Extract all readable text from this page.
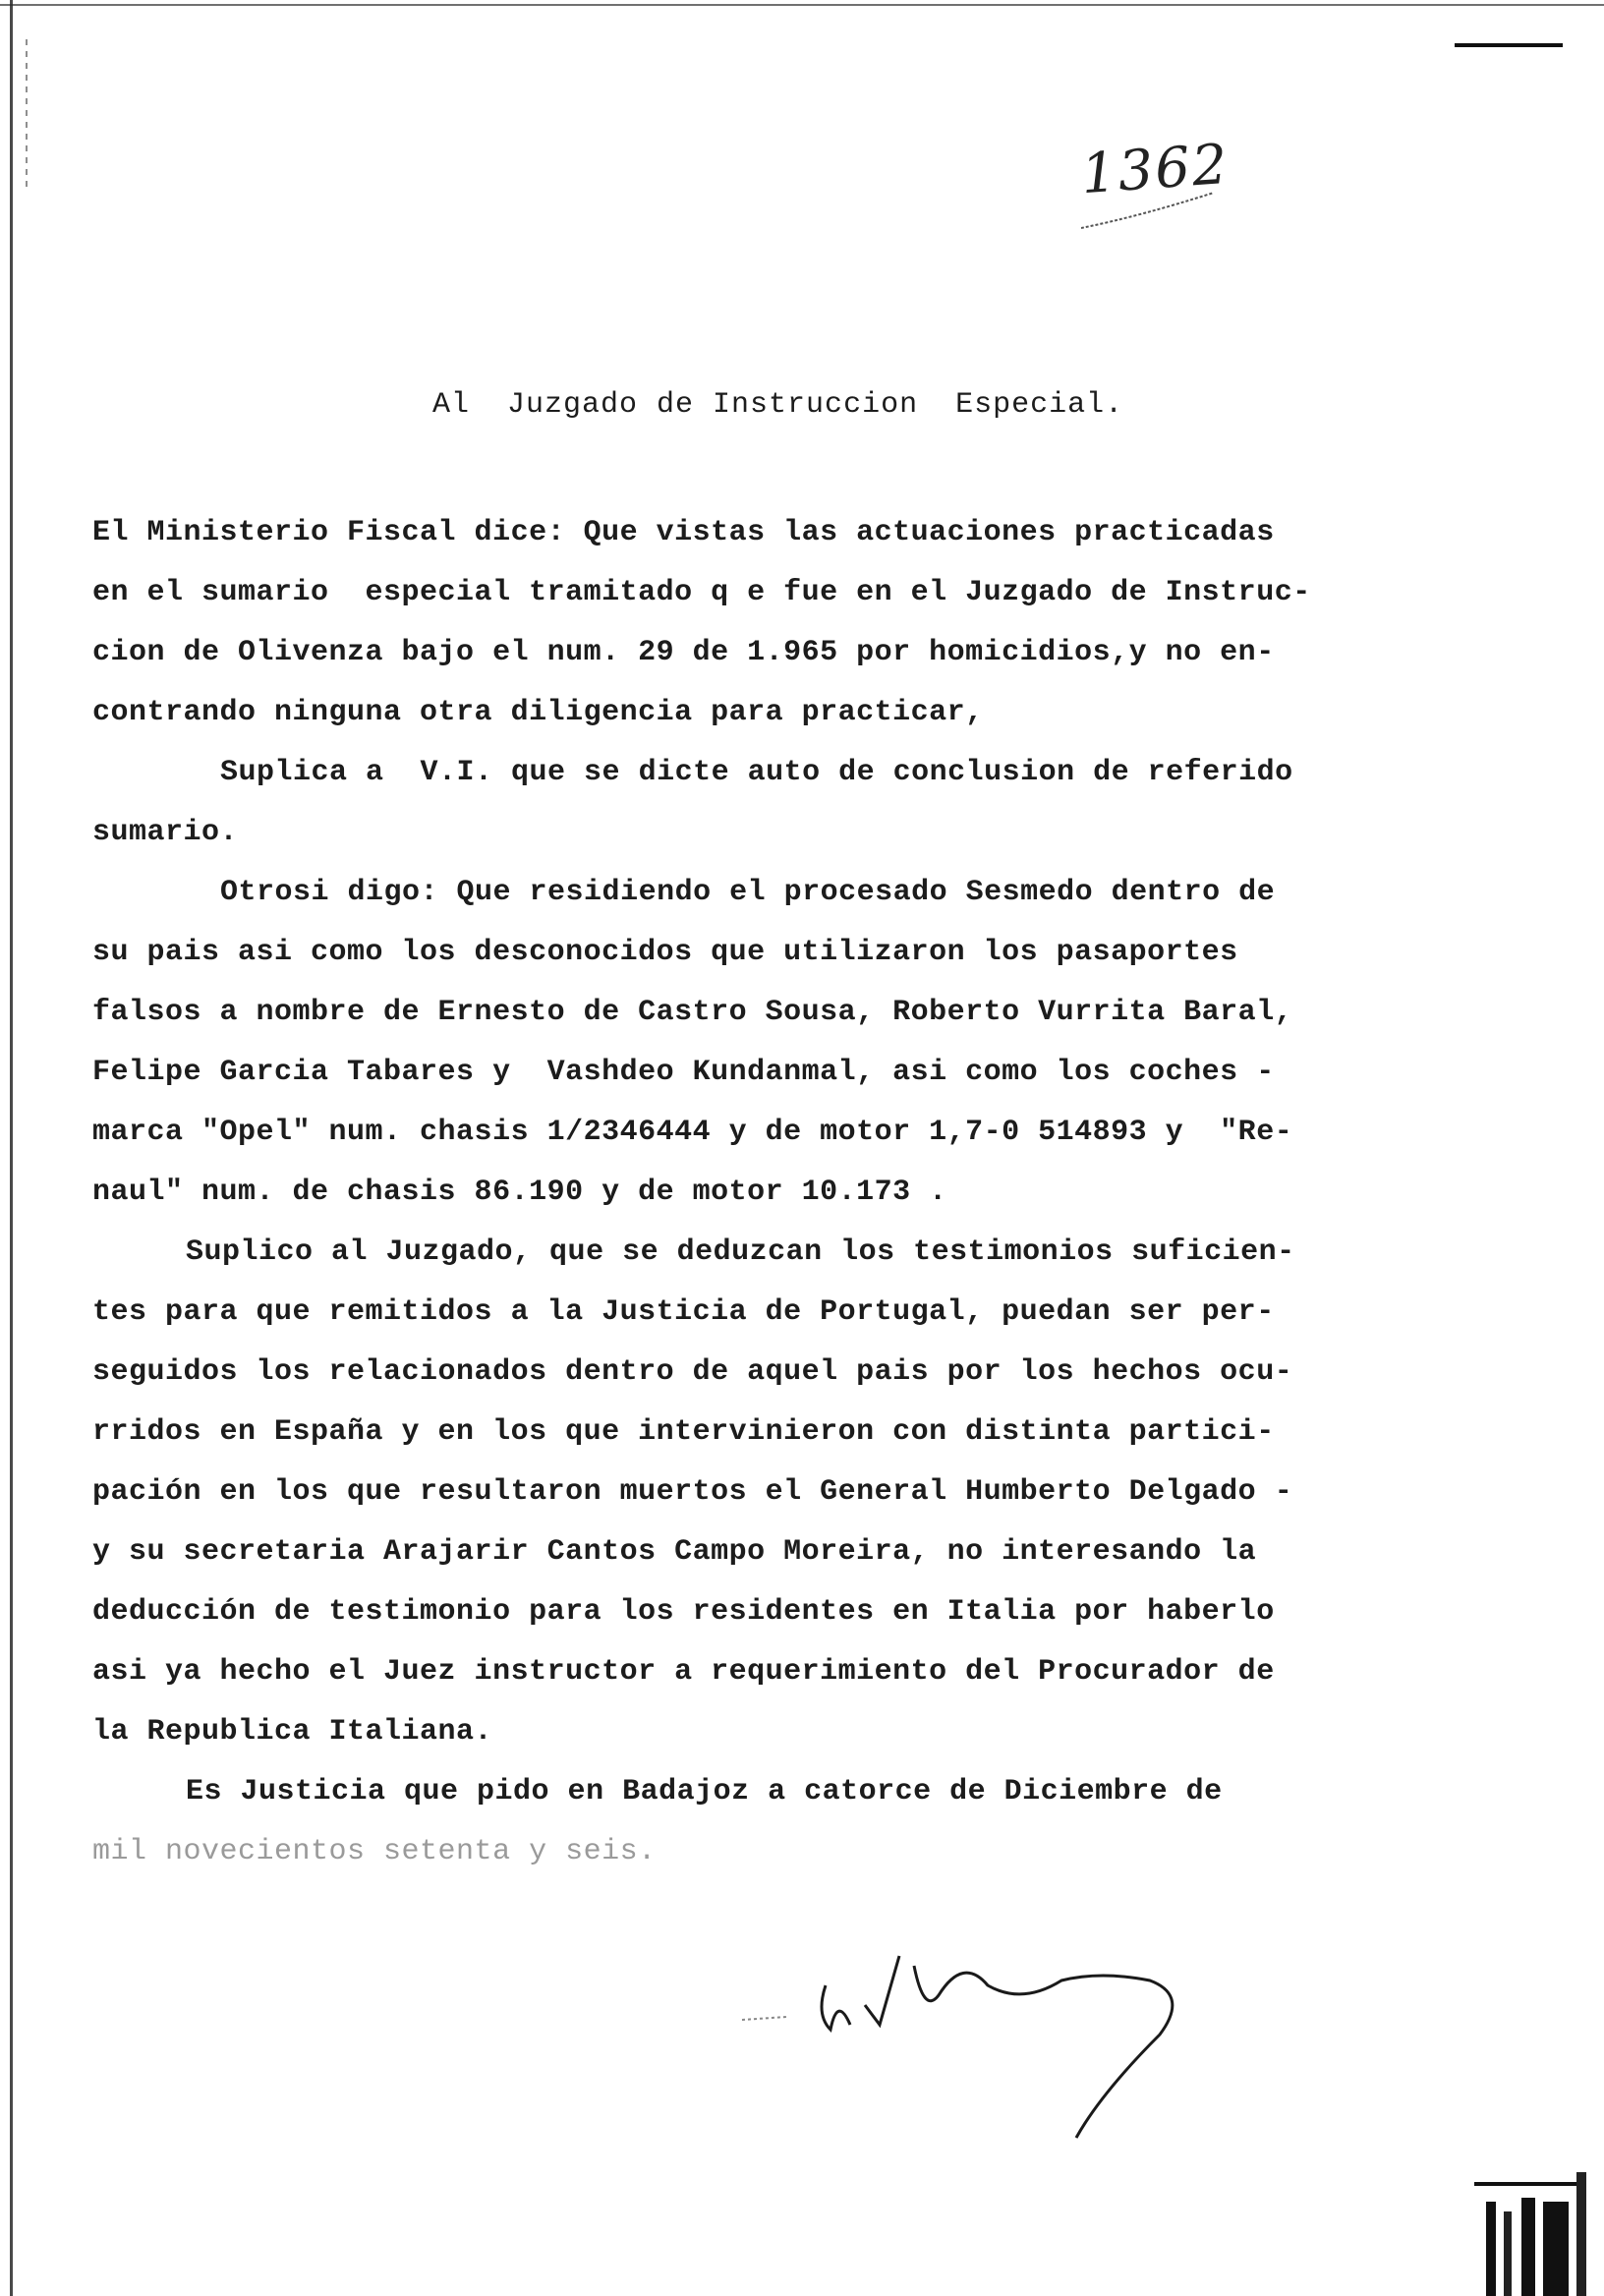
1362
Al  Juzgado de Instruccion  Especial.
El Ministerio Fiscal dice: Que vistas las actuaciones practicadas
en el sumario  especial tramitado q e fue en el Juzgado de Instruc-
cion de Olivenza bajo el num. 29 de 1.965 por homicidios,y no en-
contrando ninguna otra diligencia para practicar,
Suplica a  V.I. que se dicte auto de conclusion de referido
sumario.
Otrosi digo: Que residiendo el procesado Sesmedo dentro de
su pais asi como los desconocidos que utilizaron los pasaportes
falsos a nombre de Ernesto de Castro Sousa, Roberto Vurrita Baral,
Felipe Garcia Tabares y  Vashdeo Kundanmal, asi como los coches -
marca "Opel" num. chasis 1/2346444 y de motor 1,7-0 514893 y  "Re-
naul" num. de chasis 86.190 y de motor 10.173 .
Suplico al Juzgado, que se deduzcan los testimonios suficien-
tes para que remitidos a la Justicia de Portugal, puedan ser per-
seguidos los relacionados dentro de aquel pais por los hechos ocu-
rridos en España y en los que intervinieron con distinta partici-
pación en los que resultaron muertos el General Humberto Delgado -
y su secretaria Arajarir Cantos Campo Moreira, no interesando la
deducción de testimonio para los residentes en Italia por haberlo
asi ya hecho el Juez instructor a requerimiento del Procurador de
la Republica Italiana.
Es Justicia que pido en Badajoz a catorce de Diciembre de
mil novecientos setenta y seis.
